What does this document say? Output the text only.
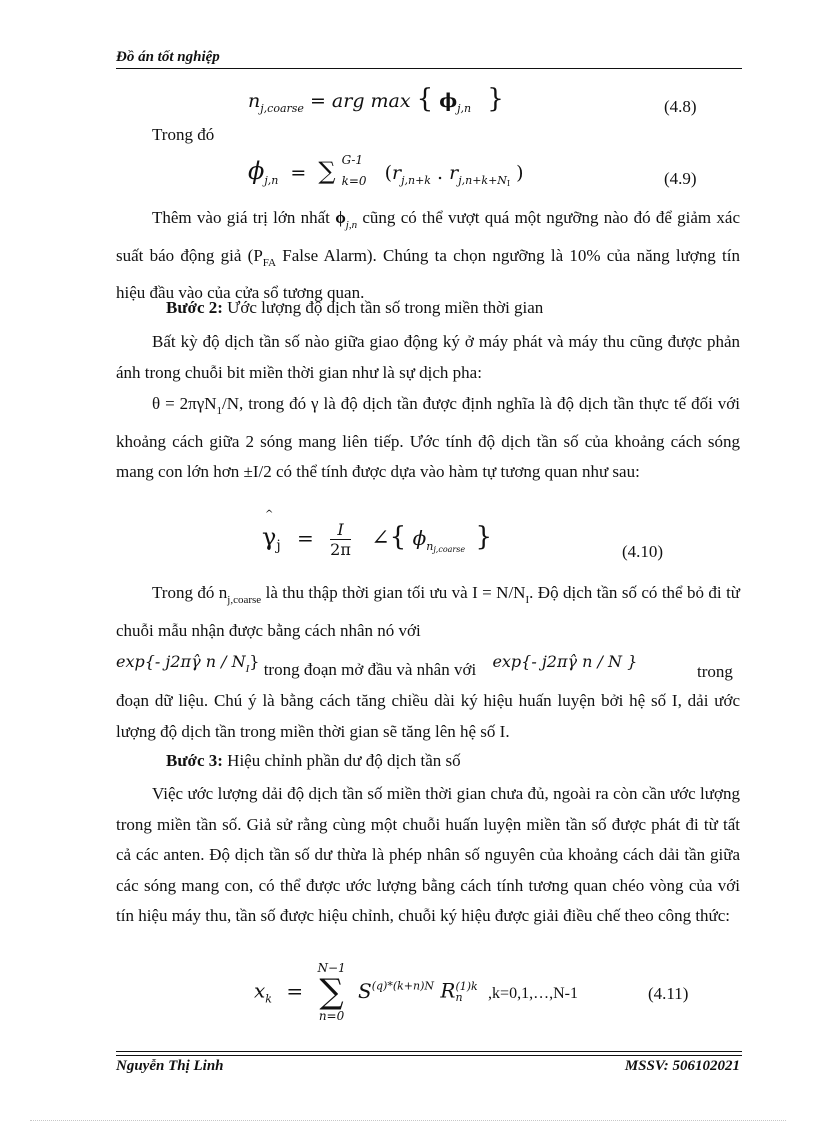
Đồ án tốt nghiệp
$n_{j,coarse}$ = arg max { $\phi_{j,n}$ }	(4.8)
Trong đó
$\phi_{j,n}$ = ∑ G-1
k=0 ($r_{j,n+k}$ . $r_{j,n+k+NI}$ )	(4.9)
Thêm vào giá trị lớn nhất $\phi_{j,n}$ cũng có thể vượt quá một ngưỡng nào đó để giảm xác suất báo động giả ($P_{FA}$ False Alarm). Chúng ta chọn ngưỡng là 10% của năng lượng tín hiệu đầu vào của cửa sổ tương quan.
Bước 2: Ước lượng độ dịch tần số trong miền thời gian
Bất kỳ độ dịch tần số nào giữa giao động ký ở máy phát và máy thu cũng được phản ánh trong chuỗi bit miền thời gian như là sự dịch pha:
θ = 2πγN$_1$/N, trong đó γ là độ dịch tần được định nghĩa là độ dịch tần thực tế đối với khoảng cách giữa 2 sóng mang liên tiếp. Ước tính độ dịch tần số của khoảng cách sóng mang con lớn hơn ±I/2 có thể tính được dựa vào hàm tự tương quan như sau:
^
$\gamma_j = \frac{I}{2\pi}$ ∠{ $\phi_{nj,coarse}$ }	(4.10)
Trong đó $n_{j,coarse}$ là thu thập thời gian tối ưu và $I = N/N_I$. Độ dịch tần số có thể bỏ đi từ chuỗi mẫu nhận được bằng cách nhân nó với
exp{- j2πγ̂ n / $N_I$} trong đoạn mở đầu và nhân với exp{- j2πγ̂ n / N }
trong
đoạn dữ liệu. Chú ý là bằng cách tăng chiều dài ký hiệu huấn luyện bởi hệ số I, dải ước lượng độ dịch tần trong miền thời gian sẽ tăng lên hệ số I.
Bước 3: Hiệu chỉnh phần dư độ dịch tần số
Việc ước lượng dải độ dịch tần số miền thời gian chưa đủ, ngoài ra còn cần ước lượng trong miền tần số. Giả sử rằng cùng một chuỗi huấn luyện miền tần số được phát đi từ tất cả các anten. Độ dịch tần số dư thừa là phép nhân số nguyên của khoảng cách dải tần giữa các sóng mang con, có thể được ước lượng bằng cách tính tương quan chéo vòng của với tín hiệu máy thu, tần số được hiệu chỉnh, chuỗi ký hiệu được giải điều chế theo công thức:
$x_k$ =
N−1
∑
n=0
$S^{(q)*(k+n)N}$ R (1)k
n	,k=0,1,…,N-1	(4.11)
Nguyễn Thị Linh	MSSV: 506102021
